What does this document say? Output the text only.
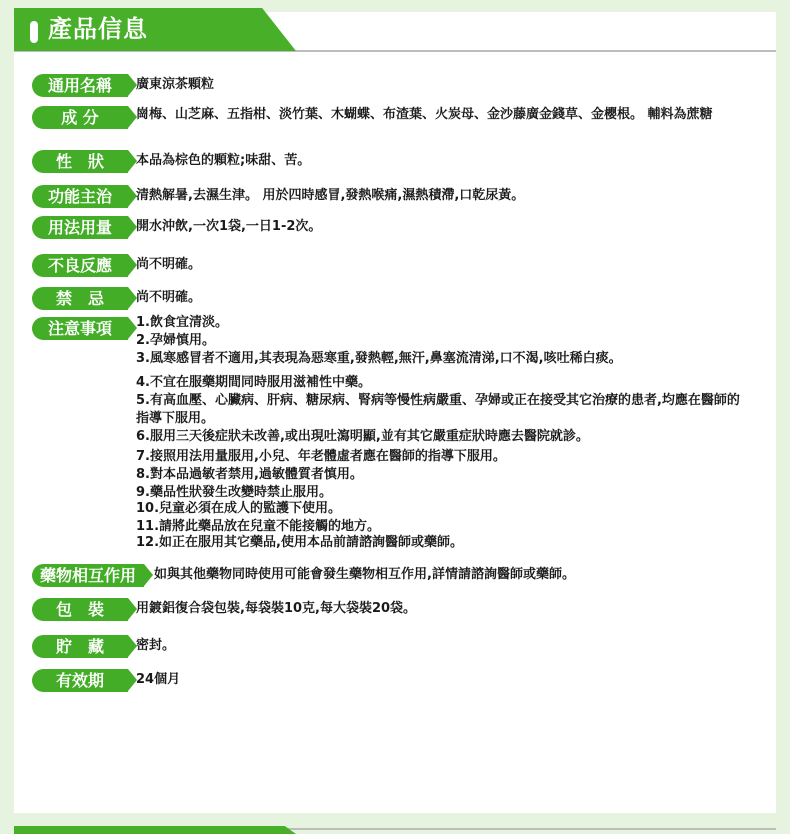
產品信息
通用名稱	廣東涼茶顆粒
成 分	崗梅、山芝麻、五指柑、淡竹葉、木蝴蝶、布渣葉、火炭母、金沙藤廣金錢草、金櫻根。 輔料為蔗糖
性　狀	本品為棕色的顆粒;味甜、苦。
功能主治	清熱解暑,去濕生津。 用於四時感冒,發熱喉痛,濕熱積滯,口乾尿黃。
用法用量	開水沖飲,一次1袋,一日1-2次。
不良反應	尚不明確。
禁　忌	尚不明確。
注意事項	1.飲食宜清淡。
2.孕婦慎用。
3.風寒感冒者不適用,其表現為惡寒重,發熱輕,無汗,鼻塞流清涕,口不渴,咳吐稀白痰。
4.不宜在服藥期間同時服用滋補性中藥。
5.有高血壓、心臟病、肝病、糖尿病、腎病等慢性病嚴重、孕婦或正在接受其它治療的患者,均應在醫師的指導下服用。
6.服用三天後症狀未改善,或出現吐瀉明顯,並有其它嚴重症狀時應去醫院就診。
7.接照用法用量服用,小兒、年老體虛者應在醫師的指導下服用。
8.對本品過敏者禁用,過敏體質者慎用。
9.藥品性狀發生改變時禁止服用。
10.兒童必須在成人的監護下使用。
11.請將此藥品放在兒童不能接觸的地方。
12.如正在服用其它藥品,使用本品前請諮詢醫師或藥師。
藥物相互作用	如與其他藥物同時使用可能會發生藥物相互作用,詳情請諮詢醫師或藥師。
包　裝	用鍍鋁復合袋包裝,每袋裝10克,每大袋裝20袋。
貯　藏	密封。
有效期	24個月
